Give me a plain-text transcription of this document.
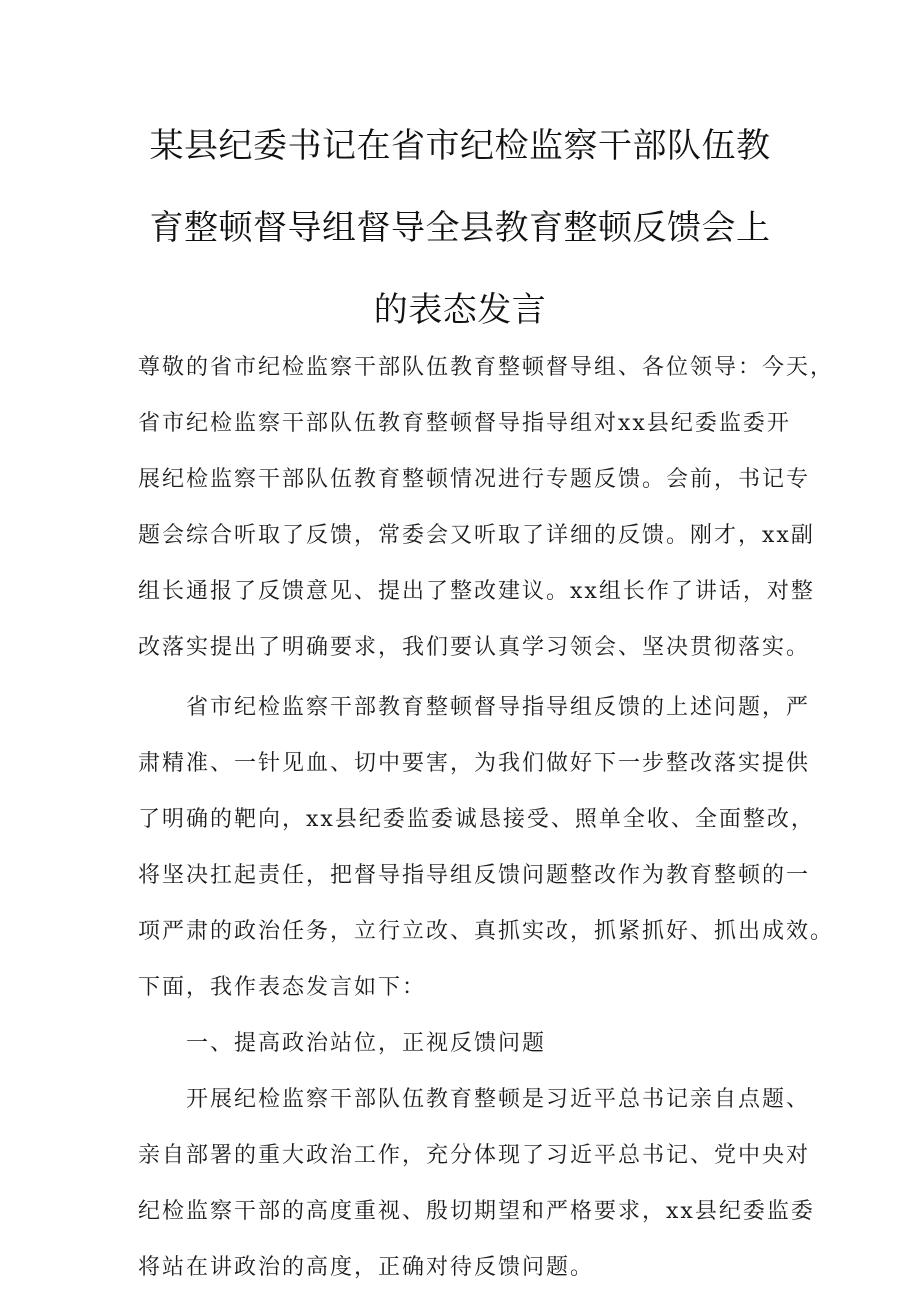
某县纪委书记在省市纪检监察干部队伍教
育整顿督导组督导全县教育整顿反馈会上
的表态发言
尊敬的省市纪检监察干部队伍教育整顿督导组、各位领导：今天，
省市纪检监察干部队伍教育整顿督导指导组对xx县纪委监委开
展纪检监察干部队伍教育整顿情况进行专题反馈。会前，书记专
题会综合听取了反馈，常委会又听取了详细的反馈。刚才，xx副
组长通报了反馈意见、提出了整改建议。xx组长作了讲话，对整
改落实提出了明确要求，我们要认真学习领会、坚决贯彻落实。
省市纪检监察干部教育整顿督导指导组反馈的上述问题，严
肃精准、一针见血、切中要害，为我们做好下一步整改落实提供
了明确的靶向，xx县纪委监委诚恳接受、照单全收、全面整改，
将坚决扛起责任，把督导指导组反馈问题整改作为教育整顿的一
项严肃的政治任务，立行立改、真抓实改，抓紧抓好、抓出成效。
下面，我作表态发言如下：
一、提高政治站位，正视反馈问题
开展纪检监察干部队伍教育整顿是习近平总书记亲自点题、
亲自部署的重大政治工作，充分体现了习近平总书记、党中央对
纪检监察干部的高度重视、殷切期望和严格要求，xx县纪委监委
将站在讲政治的高度，正确对待反馈问题。
